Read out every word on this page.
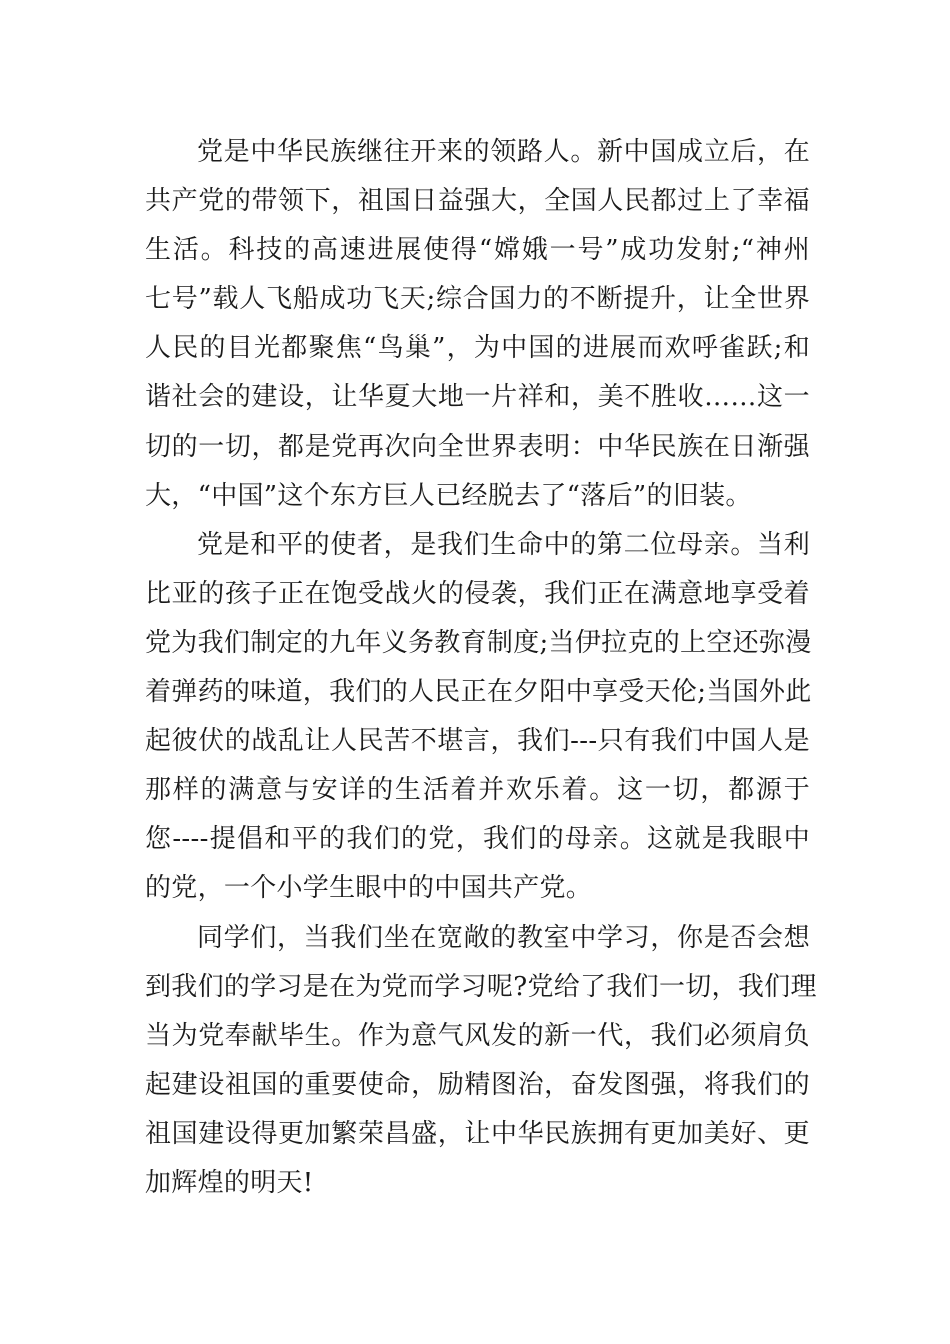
党是中华民族继往开来的领路人。新中国成立后，在
共产党的带领下，祖国日益强大，全国人民都过上了幸福
生活。科技的高速进展使得“嫦娥一号”成功发射;“神州
七号”载人飞船成功飞天;综合国力的不断提升，让全世界
人民的目光都聚焦“鸟巢”，为中国的进展而欢呼雀跃;和
谐社会的建设，让华夏大地一片祥和，美不胜收……这一
切的一切，都是党再次向全世界表明：中华民族在日渐强
大，“中国”这个东方巨人已经脱去了“落后”的旧装。
党是和平的使者，是我们生命中的第二位母亲。当利
比亚的孩子正在饱受战火的侵袭，我们正在满意地享受着
党为我们制定的九年义务教育制度;当伊拉克的上空还弥漫
着弹药的味道，我们的人民正在夕阳中享受天伦;当国外此
起彼伏的战乱让人民苦不堪言，我们---只有我们中国人是
那样的满意与安详的生活着并欢乐着。这一切，都源于
您----提倡和平的我们的党，我们的母亲。这就是我眼中
的党，一个小学生眼中的中国共产党。
同学们，当我们坐在宽敞的教室中学习，你是否会想
到我们的学习是在为党而学习呢?党给了我们一切，我们理
当为党奉献毕生。作为意气风发的新一代，我们必须肩负
起建设祖国的重要使命，励精图治，奋发图强，将我们的
祖国建设得更加繁荣昌盛，让中华民族拥有更加美好、更
加辉煌的明天!
